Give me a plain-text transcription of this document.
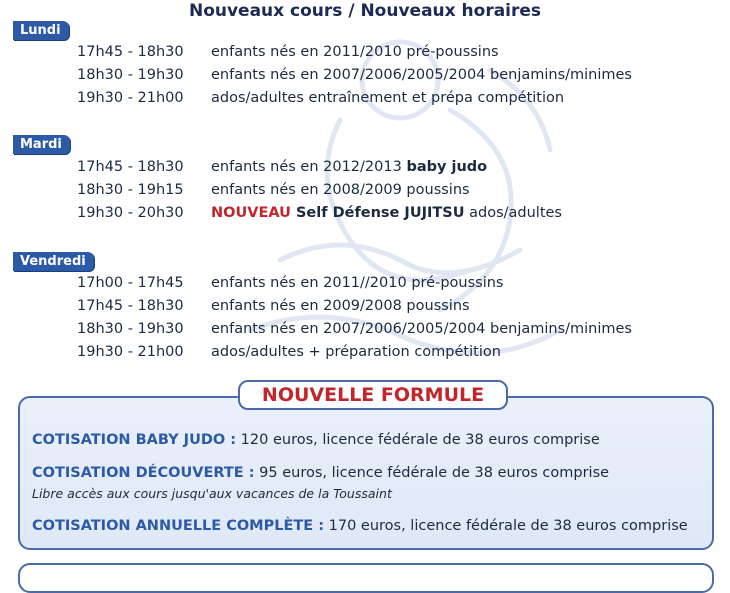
Nouveaux cours / Nouveaux horaires
Lundi
17h45 - 18h30 enfants nés en 2011/2010 pré-poussins
18h30 - 19h30 enfants nés en 2007/2006/2005/2004 benjamins/minimes
19h30 - 21h00 ados/adultes entraînement et prépa compétition
Mardi
17h45 - 18h30 enfants nés en 2012/2013 baby judo
18h30 - 19h15 enfants nés en 2008/2009 poussins
19h30 - 20h30 NOUVEAU Self Défense JUJITSU ados/adultes
Vendredi
17h00 - 17h45 enfants nés en 2011//2010 pré-poussins
17h45 - 18h30 enfants nés en 2009/2008 poussins
18h30 - 19h30 enfants nés en 2007/2006/2005/2004 benjamins/minimes
19h30 - 21h00 ados/adultes + préparation compétition
NOUVELLE FORMULE
COTISATION BABY JUDO : 120 euros, licence fédérale de 38 euros comprise
COTISATION DÉCOUVERTE : 95 euros, licence fédérale de 38 euros comprise
Libre accès aux cours jusqu'aux vacances de la Toussaint
COTISATION ANNUELLE COMPLÈTE : 170 euros, licence fédérale de 38 euros comprise
